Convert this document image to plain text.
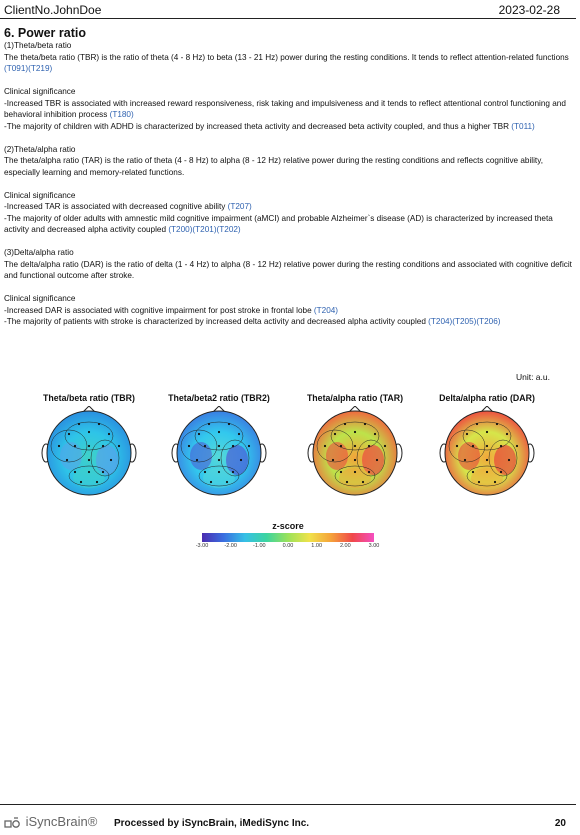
ClientNo.JohnDoe	2023-02-28
6. Power ratio
(1)Theta/beta ratio
The theta/beta ratio (TBR) is the ratio of theta (4 - 8 Hz) to beta (13 - 21 Hz) power during the resting conditions. It tends to reflect attention-related functions (T091)(T219)
Clinical significance
-Increased TBR is associated with increased reward responsiveness, risk taking and impulsiveness and it tends to reflect attentional control functioning and behavioral inhibition process (T180)
-The majority of children with ADHD is characterized by increased theta activity and decreased beta activity coupled, and thus a higher TBR (T011)
(2)Theta/alpha ratio
The theta/alpha ratio (TAR) is the ratio of theta (4 - 8 Hz) to alpha (8 - 12 Hz) relative power during the resting conditions and reflects cognitive ability, especially learning and memory-related functions.
Clinical significance
-Increased TAR is associated with decreased cognitive ability (T207)
-The majority of older adults with amnestic mild cognitive impairment (aMCI) and probable Alzheimer`s disease (AD) is characterized by increased theta activity and decreased alpha activity coupled (T200)(T201)(T202)
(3)Delta/alpha ratio
The delta/alpha ratio (DAR) is the ratio of delta (1 - 4 Hz) to alpha (8 - 12 Hz) relative power during the resting conditions and associated with cognitive deficit and functional outcome after stroke.
Clinical significance
-Increased DAR is associated with cognitive impairment for post stroke in frontal lobe (T204)
-The majority of patients with stroke is characterized by increased delta activity and decreased alpha activity coupled (T204)(T205)(T206)
Unit: a.u.
Theta/beta ratio (TBR)	Theta/beta2 ratio (TBR2)	Theta/alpha ratio (TAR)	Delta/alpha ratio (DAR)
z-score
-3.00	-2.00	-1.00	0.00	1.00	2.00	3.00
iSyncBrain® Processed by iSyncBrain, iMediSync Inc.	20
